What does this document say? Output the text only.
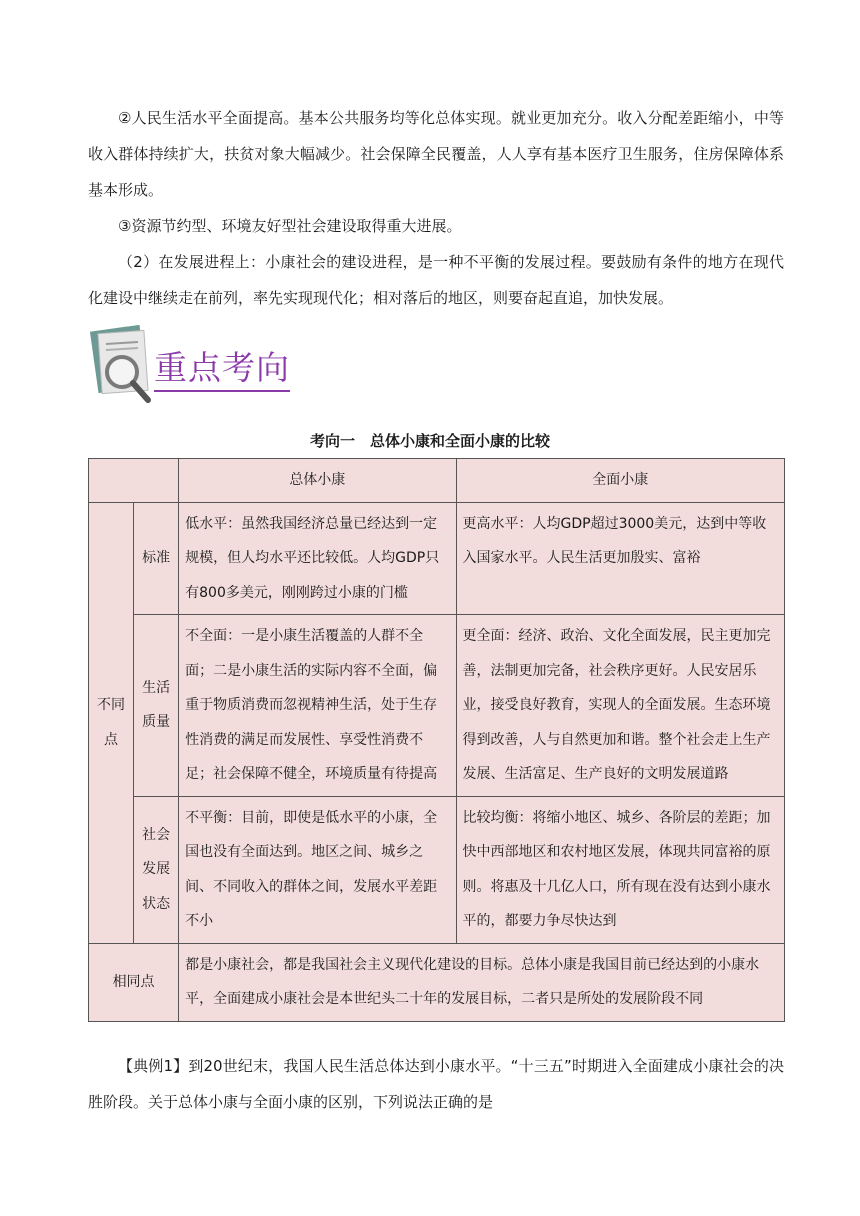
②人民生活水平全面提高。基本公共服务均等化总体实现。就业更加充分。收入分配差距缩小，中等收入群体持续扩大，扶贫对象大幅减少。社会保障全民覆盖，人人享有基本医疗卫生服务，住房保障体系基本形成。
③资源节约型、环境友好型社会建设取得重大进展。
（2）在发展进程上：小康社会的建设进程，是一种不平衡的发展过程。要鼓励有条件的地方在现代化建设中继续走在前列，率先实现现代化；相对落后的地区，则要奋起直追，加快发展。
重点考向
考向一　总体小康和全面小康的比较
		总体小康	全面小康
不同点	标准	低水平：虽然我国经济总量已经达到一定规模，但人均水平还比较低。人均GDP只有800多美元，刚刚跨过小康的门槛	更高水平：人均GDP超过3000美元，达到中等收入国家水平。人民生活更加殷实、富裕
	生活质量	不全面：一是小康生活覆盖的人群不全面；二是小康生活的实际内容不全面，偏重于物质消费而忽视精神生活，处于生存性消费的满足而发展性、享受性消费不足；社会保障不健全，环境质量有待提高	更全面：经济、政治、文化全面发展，民主更加完善，法制更加完备，社会秩序更好。人民安居乐业，接受良好教育，实现人的全面发展。生态环境得到改善，人与自然更加和谐。整个社会走上生产发展、生活富足、生产良好的文明发展道路
	社会发展状态	不平衡：目前，即使是低水平的小康，全国也没有全面达到。地区之间、城乡之间、不同收入的群体之间，发展水平差距不小	比较均衡：将缩小地区、城乡、各阶层的差距；加快中西部地区和农村地区发展，体现共同富裕的原则。将惠及十几亿人口，所有现在没有达到小康水平的，都要力争尽快达到
相同点		都是小康社会，都是我国社会主义现代化建设的目标。总体小康是我国目前已经达到的小康水平，全面建成小康社会是本世纪头二十年的发展目标，二者只是所处的发展阶段不同	
【典例1】到20世纪末，我国人民生活总体达到小康水平。“十三五”时期进入全面建成小康社会的决胜阶段。关于总体小康与全面小康的区别，下列说法正确的是
